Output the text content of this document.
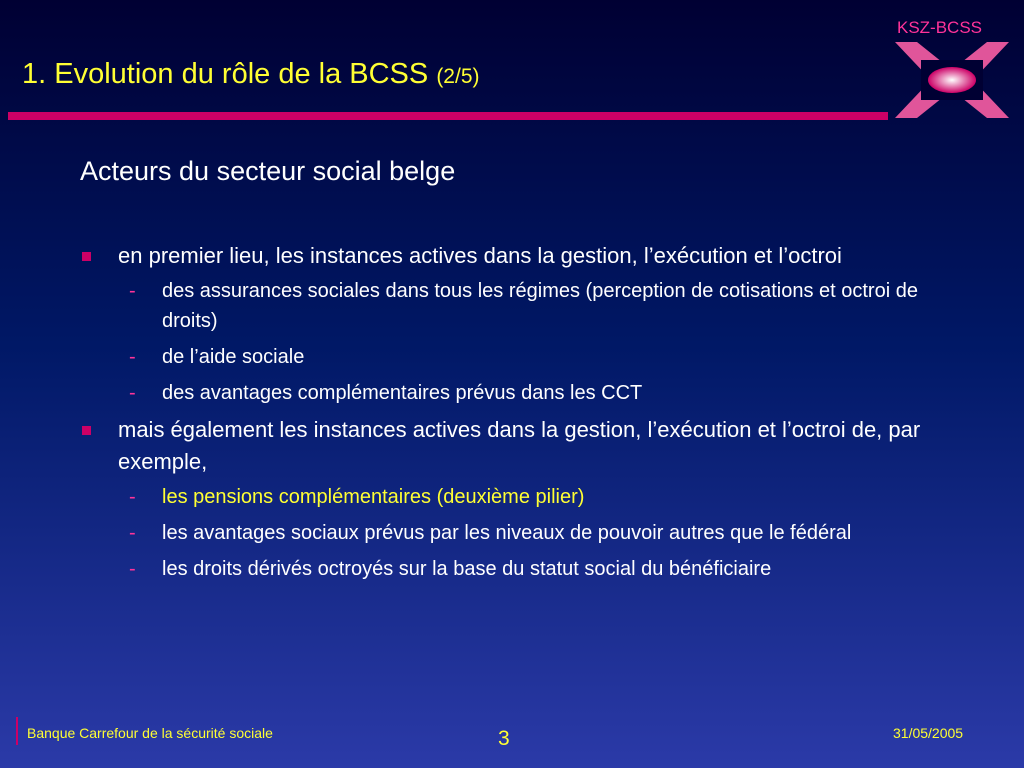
1. Evolution du rôle de la BCSS (2/5)
KSZ-BCSS
Acteurs du secteur social belge
en premier lieu, les instances actives dans la gestion, l’exécution et l’octroi
- des assurances sociales dans tous les régimes (perception de cotisations et octroi de droits)
- de l’aide sociale
- des avantages complémentaires prévus dans les CCT
mais également les instances actives dans la gestion, l’exécution et l’octroi de, par exemple,
- les pensions complémentaires (deuxième pilier)
- les avantages sociaux prévus par les niveaux de pouvoir autres que le fédéral
- les droits dérivés octroyés sur la base du statut social du bénéficiaire
Banque Carrefour de la sécurité sociale	3	31/05/2005
